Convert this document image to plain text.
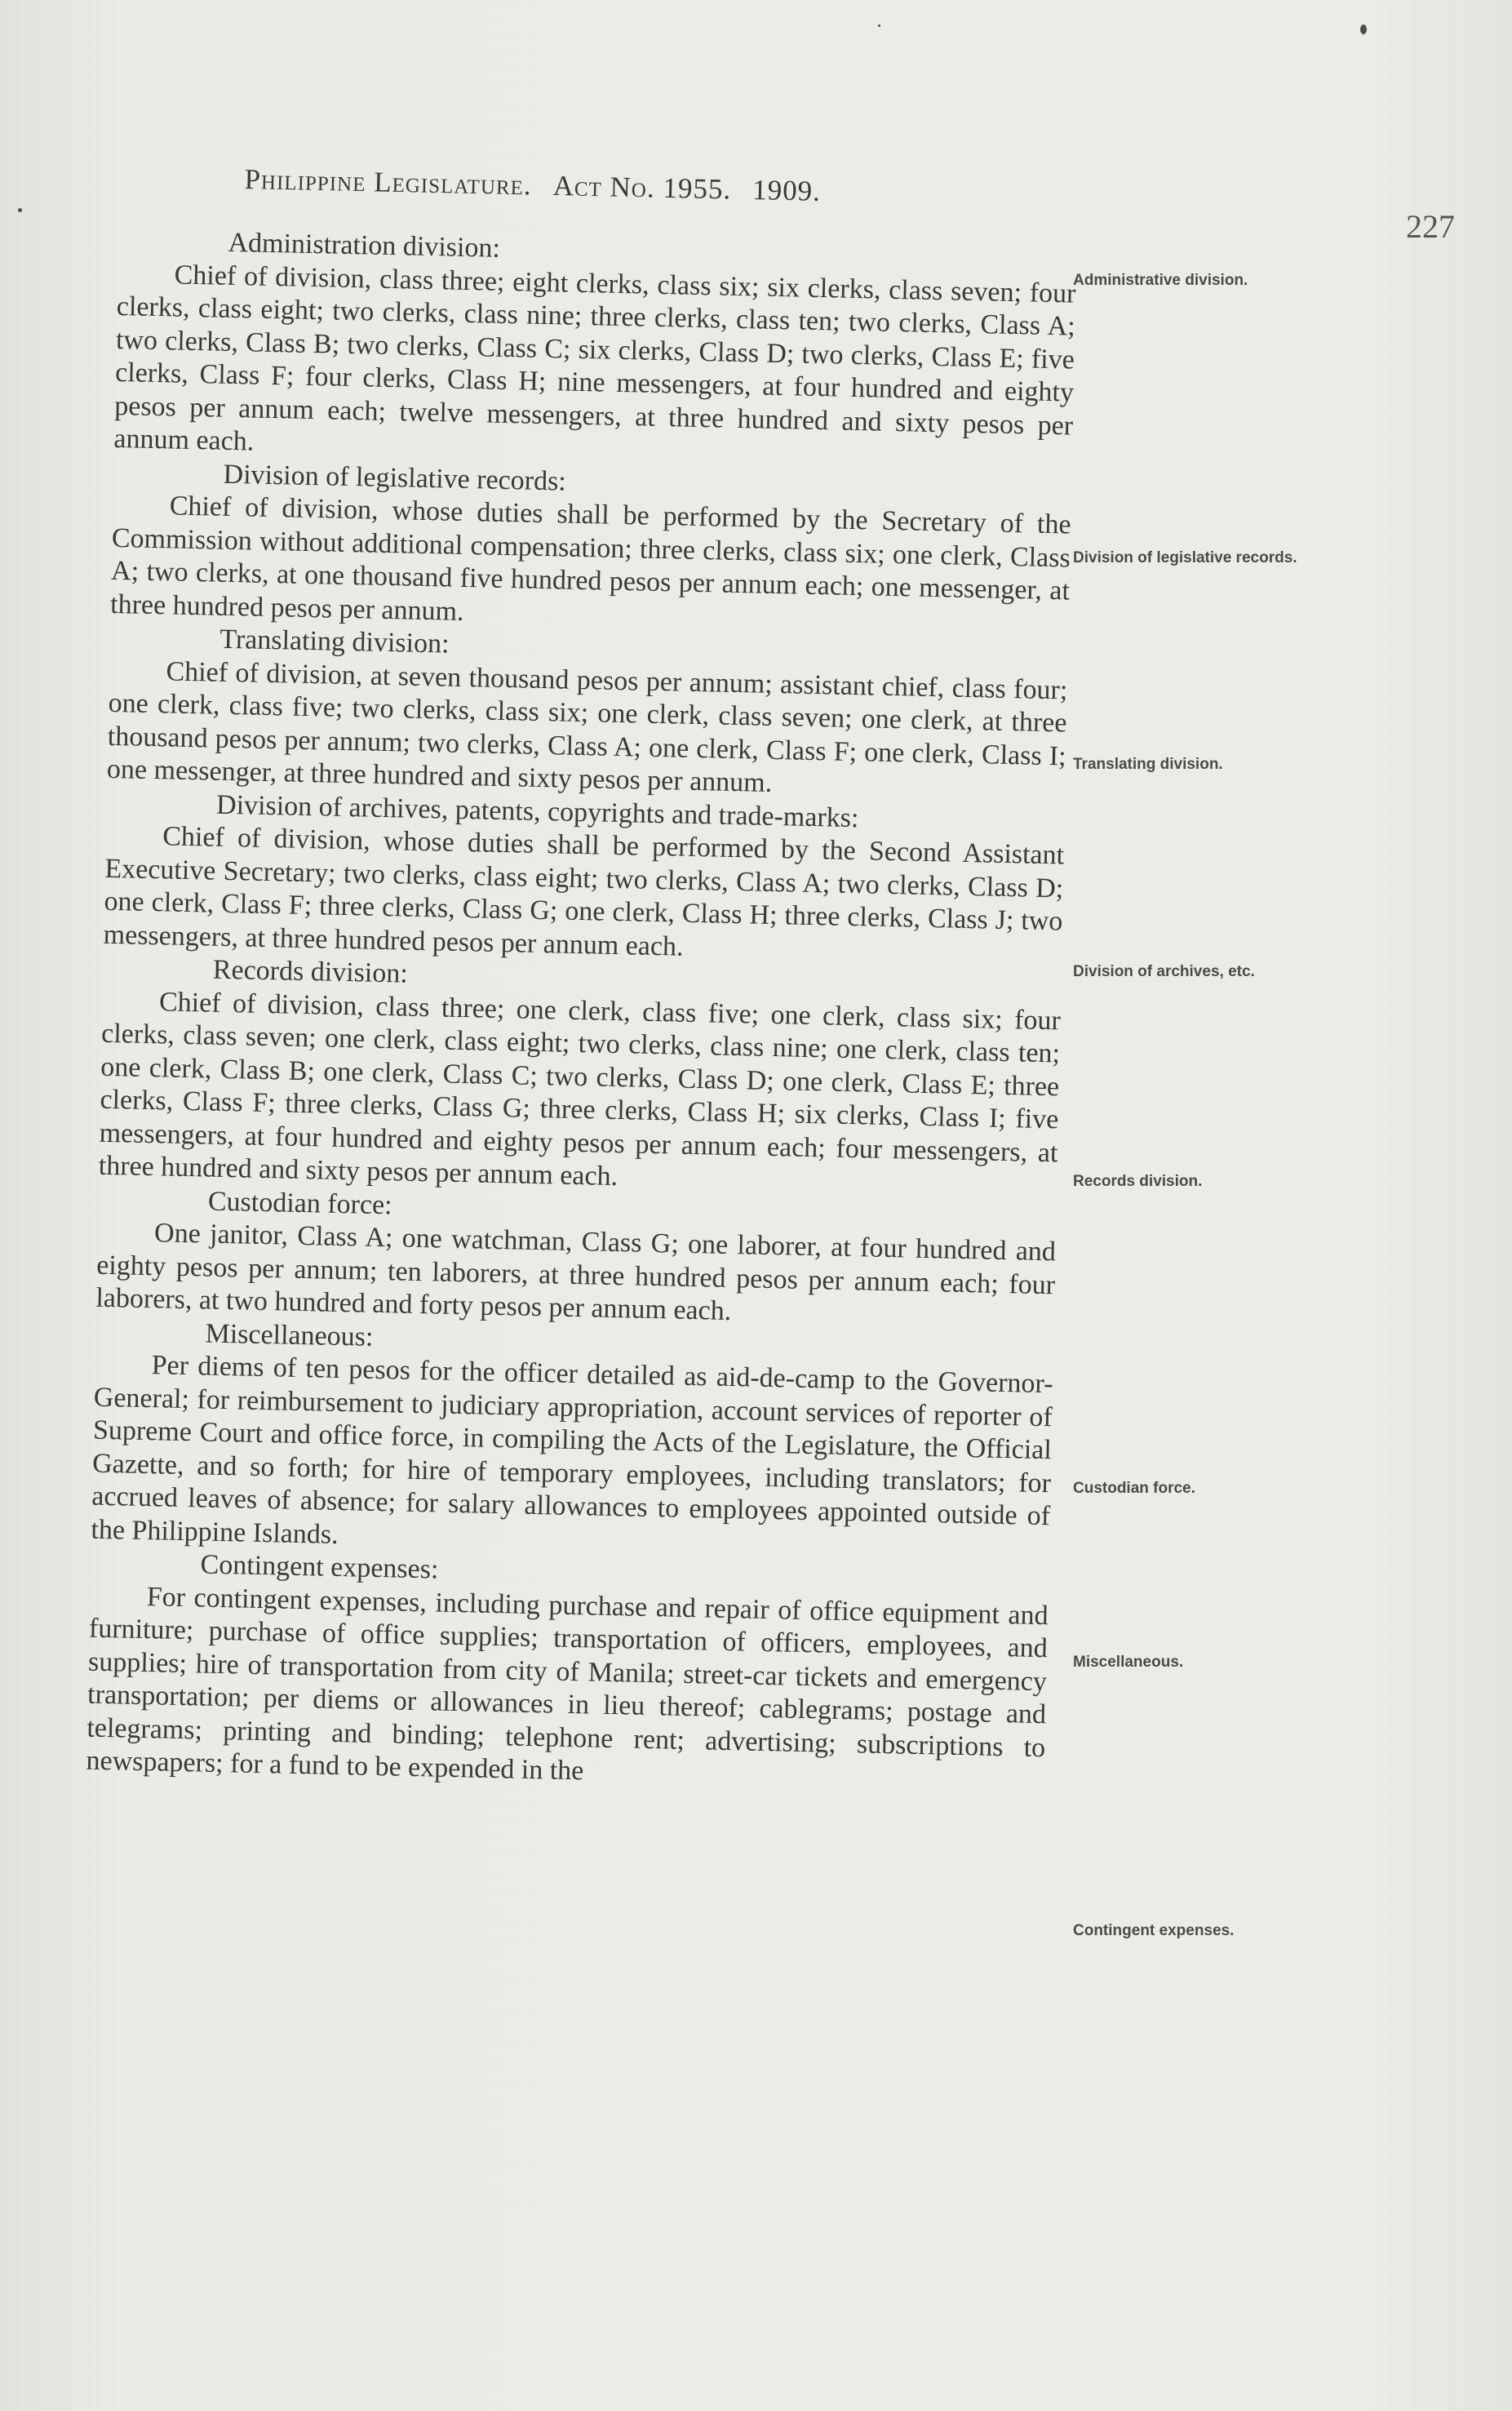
Philippine Legislature. Act No. 1955. 1909.
227

Administration division:

Chief of division, class three; eight clerks, class six; six clerks, class seven; four clerks, class eight; two clerks, class nine; three clerks, class ten; two clerks, Class A; two clerks, Class B; two clerks, Class C; six clerks, Class D; two clerks, Class E; five clerks, Class F; four clerks, Class H; nine messengers, at four hundred and eighty pesos per annum each; twelve messengers, at three hundred and sixty pesos per annum each.

Division of legislative records:

Chief of division, whose duties shall be performed by the Secretary of the Commission without additional compensation; three clerks, class six; one clerk, Class A; two clerks, at one thousand five hundred pesos per annum each; one messenger, at three hundred pesos per annum.

Translating division:

Chief of division, at seven thousand pesos per annum; assistant chief, class four; one clerk, class five; two clerks, class six; one clerk, class seven; one clerk, at three thousand pesos per annum; two clerks, Class A; one clerk, Class F; one clerk, Class I; one messenger, at three hundred and sixty pesos per annum.

Division of archives, patents, copyrights and trade-marks:

Chief of division, whose duties shall be performed by the Second Assistant Executive Secretary; two clerks, class eight; two clerks, Class A; two clerks, Class D; one clerk, Class F; three clerks, Class G; one clerk, Class H; three clerks, Class J; two messengers, at three hundred pesos per annum each.

Records division:

Chief of division, class three; one clerk, class five; one clerk, class six; four clerks, class seven; one clerk, class eight; two clerks, class nine; one clerk, class ten; one clerk, Class B; one clerk, Class C; two clerks, Class D; one clerk, Class E; three clerks, Class F; three clerks, Class G; three clerks, Class H; six clerks, Class I; five messengers, at four hundred and eighty pesos per annum each; four messengers, at three hundred and sixty pesos per annum each.

Custodian force:

One janitor, Class A; one watchman, Class G; one laborer, at four hundred and eighty pesos per annum; ten laborers, at three hundred pesos per annum each; four laborers, at two hundred and forty pesos per annum each.

Miscellaneous:

Per diems of ten pesos for the officer detailed as aid-de-camp to the Governor-General; for reimbursement to judiciary appropriation, account services of reporter of Supreme Court and office force, in compiling the Acts of the Legislature, the Official Gazette, and so forth; for hire of temporary employees, including translators; for accrued leaves of absence; for salary allowances to employees appointed outside of the Philippine Islands.

Contingent expenses:

For contingent expenses, including purchase and repair of office equipment and furniture; purchase of office supplies; transportation of officers, employees, and supplies; hire of transportation from city of Manila; street-car tickets and emergency transportation; per diems or allowances in lieu thereof; cablegrams; postage and telegrams; printing and binding; telephone rent; advertising; subscriptions to newspapers; for a fund to be expended in the

Administrative division.
Division of legislative records.
Translating division.
Division of archives, etc.
Records division.
Custodian force.
Miscellaneous.
Contingent expenses.
